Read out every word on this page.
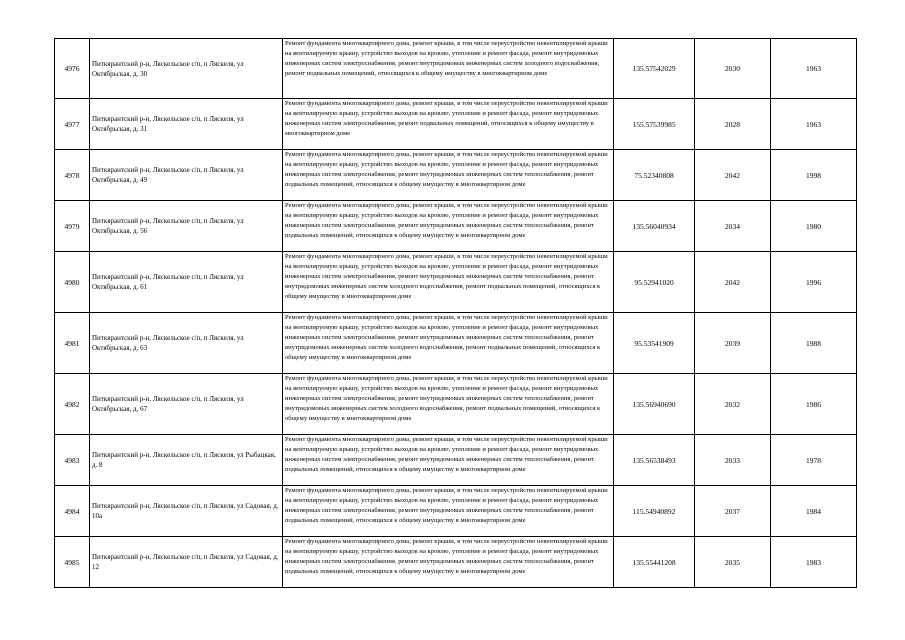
4976	Питкярантский р-н, Ляскельское с/п, п Ляскеля, ул Октябрьская, д. 30	Ремонт фундамента многоквартирного дома, ремонт крыши, в том числе переустройство невентилируемой крыши на вентилируемую крышу, устройство выходов на кровлю, утепление и ремонт фасада, ремонт внутридомовых инженерных систем электроснабжения, ремонт внутридомовых инженерных систем холодного водоснабжения, ремонт подвальных помещений, относящихся к общему имуществу в многоквартирном доме	135.57542029	2030	1963
4977	Питкярантский р-н, Ляскельское с/п, п Ляскеля, ул Октябрьская, д. 31	Ремонт фундамента многоквартирного дома, ремонт крыши, в том числе переустройство невентилируемой крыши на вентилируемую крышу, устройство выходов на кровлю, утепление и ремонт фасада, ремонт внутридомовых инженерных систем электроснабжения, ремонт подвальных помещений, относящихся к общему имуществу в многоквартирном доме	155.57539985	2028	1963
4978	Питкярантский р-н, Ляскельское с/п, п Ляскеля, ул Октябрьская, д. 49	Ремонт фундамента многоквартирного дома, ремонт крыши, в том числе переустройство невентилируемой крыши на вентилируемую крышу, устройство выходов на кровлю, утепление и ремонт фасада, ремонт внутридомовых инженерных систем электроснабжения, ремонт внутридомовых инженерных систем теплоснабжения, ремонт подвальных помещений, относящихся к общему имуществу в многоквартирном доме	75.52340808	2042	1998
4979	Питкярантский р-н, Ляскельское с/п, п Ляскеля, ул Октябрьская, д. 56	Ремонт фундамента многоквартирного дома, ремонт крыши, в том числе переустройство невентилируемой крыши на вентилируемую крышу, устройство выходов на кровлю, утепление и ремонт фасада, ремонт внутридомовых инженерных систем электроснабжения, ремонт внутридомовых инженерных систем теплоснабжения, ремонт подвальных помещений, относящихся к общему имуществу в многоквартирном доме	135.56040934	2034	1980
4980	Питкярантский р-н, Ляскельское с/п, п Ляскеля, ул Октябрьская, д. 61	Ремонт фундамента многоквартирного дома, ремонт крыши, в том числе переустройство невентилируемой крыши на вентилируемую крышу, устройство выходов на кровлю, утепление и ремонт фасада, ремонт внутридомовых инженерных систем электроснабжения, ремонт внутридомовых инженерных систем теплоснабжения, ремонт внутридомовых инженерных систем холодного водоснабжения, ремонт подвальных помещений, относящихся к общему имуществу в многоквартирном доме	95.52941020	2042	1996
4981	Питкярантский р-н, Ляскельское с/п, п Ляскеля, ул Октябрьская, д. 63	Ремонт фундамента многоквартирного дома, ремонт крыши, в том числе переустройство невентилируемой крыши на вентилируемую крышу, устройство выходов на кровлю, утепление и ремонт фасада, ремонт внутридомовых инженерных систем электроснабжения, ремонт внутридомовых инженерных систем теплоснабжения, ремонт внутридомовых инженерных систем холодного водоснабжения, ремонт подвальных помещений, относящихся к общему имуществу в многоквартирном доме	95.53541909	2039	1988
4982	Питкярантский р-н, Ляскельское с/п, п Ляскеля, ул Октябрьская, д. 67	Ремонт фундамента многоквартирного дома, ремонт крыши, в том числе переустройство невентилируемой крыши на вентилируемую крышу, устройство выходов на кровлю, утепление и ремонт фасада, ремонт внутридомовых инженерных систем электроснабжения, ремонт внутридомовых инженерных систем теплоснабжения, ремонт внутридомовых инженерных систем холодного водоснабжения, ремонт подвальных помещений, относящихся к общему имуществу в многоквартирном доме	135.56940690	2032	1986
4983	Питкярантский р-н, Ляскельское с/п, п Ляскеля, ул Рыбацкая, д. 8	Ремонт фундамента многоквартирного дома, ремонт крыши, в том числе переустройство невентилируемой крыши на вентилируемую крышу, устройство выходов на кровлю, утепление и ремонт фасада, ремонт внутридомовых инженерных систем электроснабжения, ремонт внутридомовых инженерных систем теплоснабжения, ремонт подвальных помещений, относящихся к общему имуществу в многоквартирном доме	135.56538493	2033	1978
4984	Питкярантский р-н, Ляскельское с/п, п Ляскеля, ул Садовая, д. 10а	Ремонт фундамента многоквартирного дома, ремонт крыши, в том числе переустройство невентилируемой крыши на вентилируемую крышу, устройство выходов на кровлю, утепление и ремонт фасада, ремонт внутридомовых инженерных систем электроснабжения, ремонт внутридомовых инженерных систем теплоснабжения, ремонт подвальных помещений, относящихся к общему имуществу в многоквартирном доме	115.54940892	2037	1984
4985	Питкярантский р-н, Ляскельское с/п, п Ляскеля, ул Садовая, д. 12	Ремонт фундамента многоквартирного дома, ремонт крыши, в том числе переустройство невентилируемой крыши на вентилируемую крышу, устройство выходов на кровлю, утепление и ремонт фасада, ремонт внутридомовых инженерных систем электроснабжения, ремонт внутридомовых инженерных систем теплоснабжения, ремонт подвальных помещений, относящихся к общему имуществу в многоквартирном доме	135.55441208	2035	1983
